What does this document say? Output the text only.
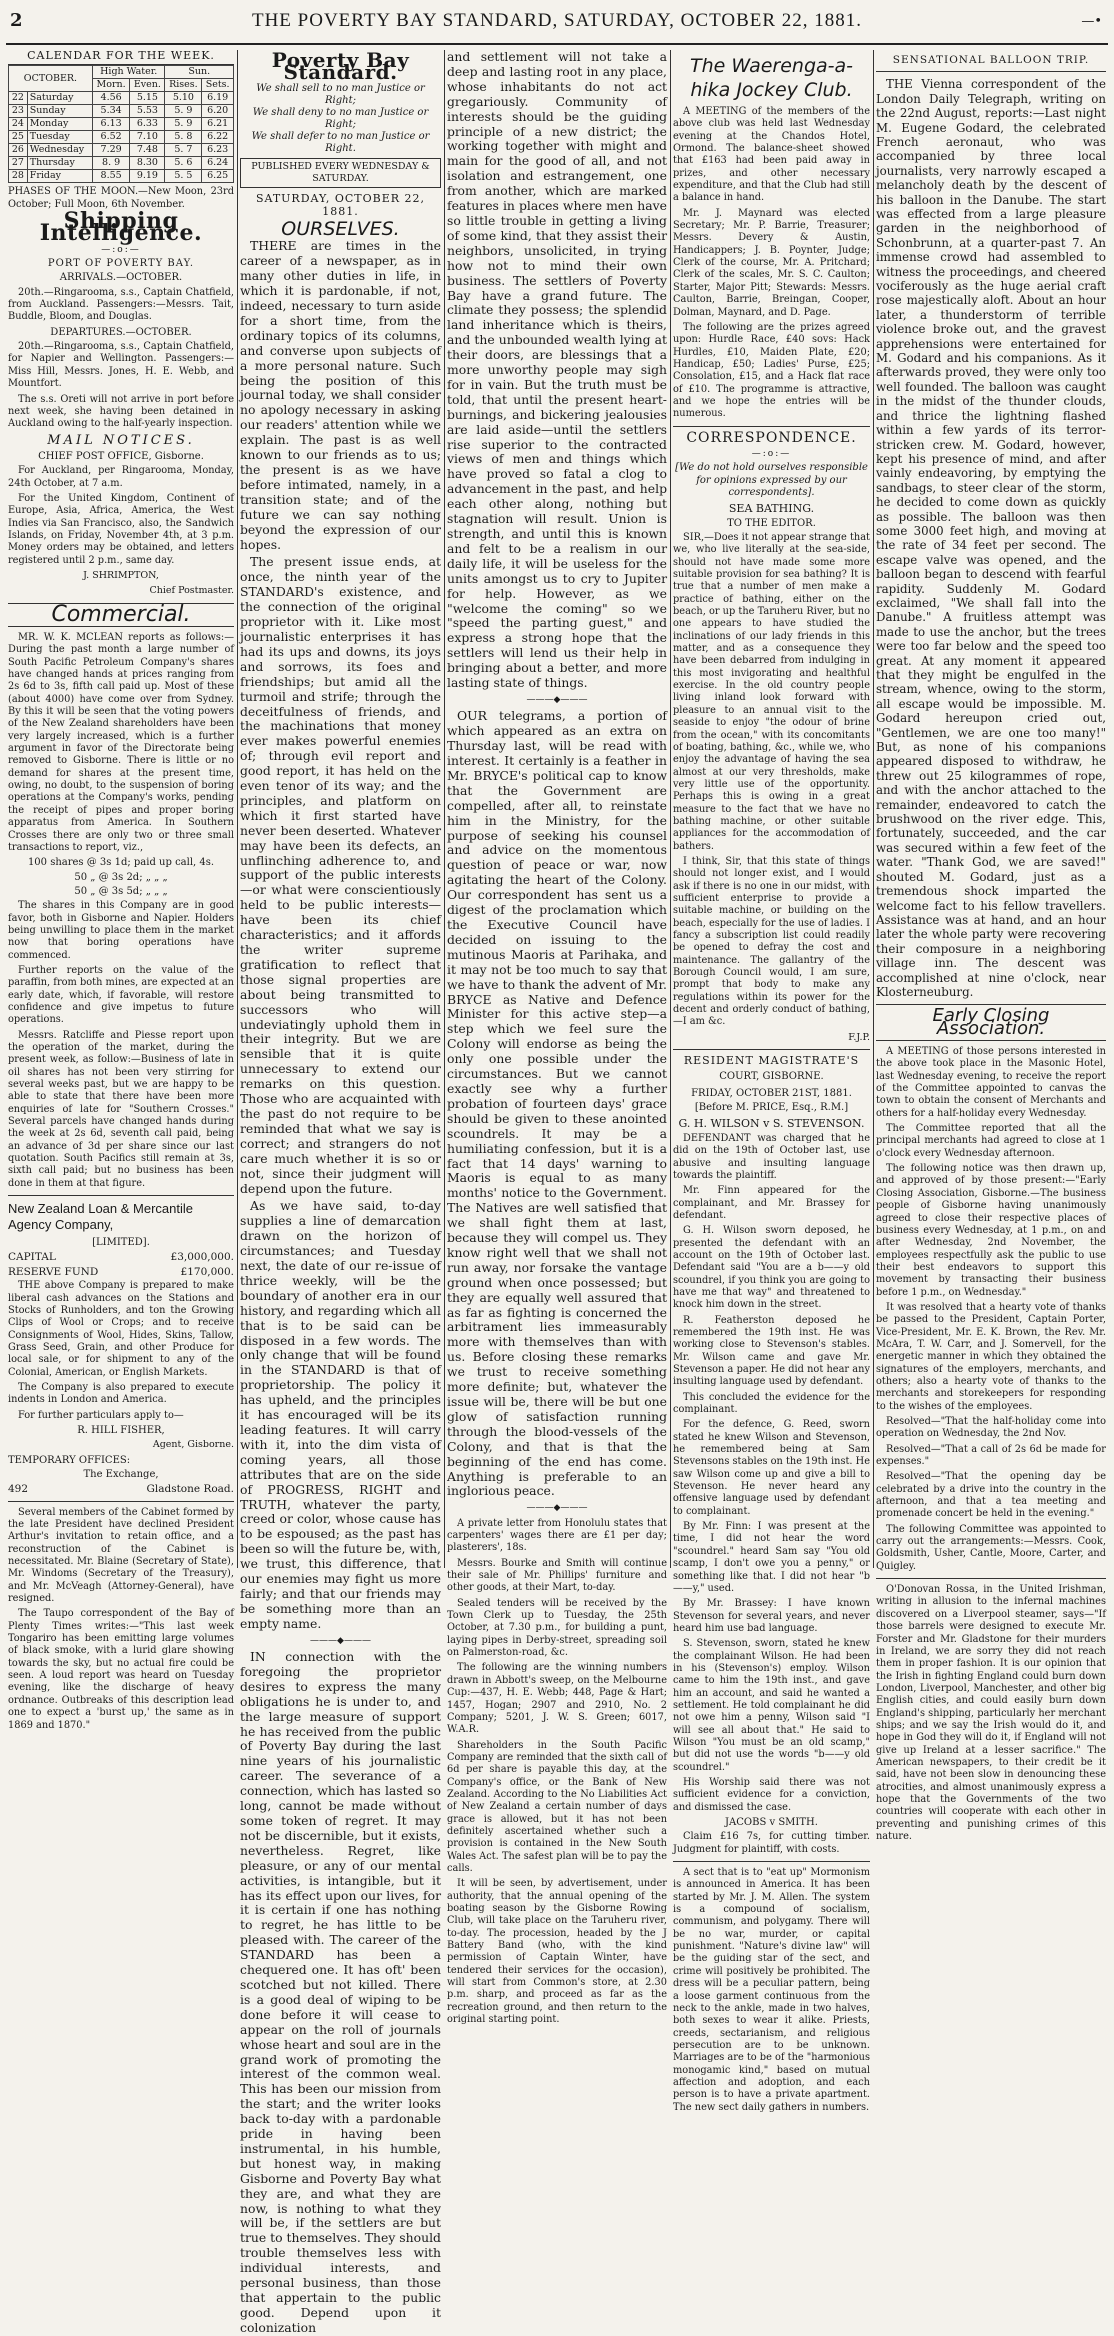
2	THE POVERTY BAY STANDARD, SATURDAY, OCTOBER 22, 1881.	—•
CALENDAR FOR THE WEEK.
OCTOBER.		High Water.		Sun.	
		Morn.	Even.	Rises.	Sets.
22	Saturday	4.56	5.15	5.10	6.19
23	Sunday	5.34	5.53	5. 9	6.20
24	Monday	6.13	6.33	5. 9	6.21
25	Tuesday	6.52	7.10	5. 8	6.22
26	Wednesday	7.29	7.48	5. 7	6.23
27	Thursday	8. 9	8.30	5. 6	6.24
28	Friday	8.55	9.19	5. 5	6.25

PHASES OF THE MOON.—New Moon, 23rd October; Full Moon, 6th November.

Shipping Intelligence.
—:o:—
PORT OF POVERTY BAY.
ARRIVALS.—OCTOBER.

20th.—Ringarooma, s.s., Captain Chatfield, from Auckland. Passengers:—Messrs. Tait, Buddle, Bloom, and Douglas.

DEPARTURES.—OCTOBER.

20th.—Ringarooma, s.s., Captain Chatfield, for Napier and Wellington. Passengers:—Miss Hill, Messrs. Jones, H. E. Webb, and Mountfort.

The s.s. Oreti will not arrive in port before next week, she having been detained in Auckland owing to the half-yearly inspection.

MAIL NOTICES.
CHIEF POST OFFICE, Gisborne.

For Auckland, per Ringarooma, Monday, 24th October, at 7 a.m.

For the United Kingdom, Continent of Europe, Asia, Africa, America, the West Indies via San Francisco, also, the Sandwich Islands, on Friday, November 4th, at 3 p.m. Money orders may be obtained, and letters registered until 2 p.m., same day.

J. SHRIMPTON,
Chief Postmaster.
Commercial.

MR. W. K. MCLEAN reports as follows:—During the past month a large number of South Pacific Petroleum Company's shares have changed hands at prices ranging from 2s 6d to 3s, fifth call paid up. Most of these (about 4000) have come over from Sydney. By this it will be seen that the voting powers of the New Zealand shareholders have been very largely increased, which is a further argument in favor of the Directorate being removed to Gisborne. There is little or no demand for shares at the present time, owing, no doubt, to the suspension of boring operations at the Company's works, pending the receipt of pipes and proper boring apparatus from America. In Southern Crosses there are only two or three small transactions to report, viz.,

100 shares @ 3s 1d; paid up call, 4s.
50 „ @ 3s 2d; „ „ „
50 „ @ 3s 5d; „ „ „

The shares in this Company are in good favor, both in Gisborne and Napier. Holders being unwilling to place them in the market now that boring operations have commenced.

Further reports on the value of the paraffin, from both mines, are expected at an early date, which, if favorable, will restore confidence and give impetus to future operations.

Messrs. Ratcliffe and Piesse report upon the operation of the market, during the present week, as follow:—Business of late in oil shares has not been very stirring for several weeks past, but we are happy to be able to state that there have been more enquiries of late for "Southern Crosses." Several parcels have changed hands during the week at 2s 6d, seventh call paid, being an advance of 3d per share since our last quotation. South Pacifics still remain at 3s, sixth call paid; but no business has been done in them at that figure.

New Zealand Loan & Mercantile Agency Company,
[LIMITED].
CAPITAL	£3,000,000.
RESERVE FUND	£170,000.

THE above Company is prepared to make liberal cash advances on the Stations and Stocks of Runholders, and ton the Growing Clips of Wool or Crops; and to receive Consignments of Wool, Hides, Skins, Tallow, Grass Seed, Grain, and other Produce for local sale, or for shipment to any of the Colonial, American, or English Markets.

The Company is also prepared to execute indents in London and America.

For further particulars apply to—

R. HILL FISHER,
Agent, Gisborne.
TEMPORARY OFFICES:
The Exchange,
492	Gladstone Road.

Several members of the Cabinet formed by the late President have declined President Arthur's invitation to retain office, and a reconstruction of the Cabinet is necessitated. Mr. Blaine (Secretary of State), Mr. Windoms (Secretary of the Treasury), and Mr. McVeagh (Attorney-General), have resigned.

The Taupo correspondent of the Bay of Plenty Times writes:—"This last week Tongariro has been emitting large volumes of black smoke, with a lurid glare showing towards the sky, but no actual fire could be seen. A loud report was heard on Tuesday evening, like the discharge of heavy ordnance. Outbreaks of this description lead one to expect a 'burst up,' the same as in 1869 and 1870."

Poverty Bay Standard.
We shall sell to no man Justice or Right;
We shall deny to no man Justice or Right;
We shall defer to no man Justice or Right.
PUBLISHED EVERY WEDNESDAY & SATURDAY.
SATURDAY, OCTOBER 22, 1881.
OURSELVES.

THERE are times in the career of a newspaper, as in many other duties in life, in which it is pardonable, if not, indeed, necessary to turn aside for a short time, from the ordinary topics of its columns, and converse upon subjects of a more personal nature. Such being the position of this journal today, we shall consider no apology necessary in asking our readers' attention while we explain. The past is as well known to our friends as to us; the present is as we have before intimated, namely, in a transition state; and of the future we can say nothing beyond the expression of our hopes.

The present issue ends, at once, the ninth year of the STANDARD's existence, and the connection of the original proprietor with it. Like most journalistic enterprises it has had its ups and downs, its joys and sorrows, its foes and friendships; but amid all the turmoil and strife; through the deceitfulness of friends, and the machinations that money ever makes powerful enemies of; through evil report and good report, it has held on the even tenor of its way; and the principles, and platform on which it first started have never been deserted. Whatever may have been its defects, an unflinching adherence to, and support of the public interests—or what were conscientiously held to be public interests—have been its chief characteristics; and it affords the writer supreme gratification to reflect that those signal properties are about being transmitted to successors who will undeviatingly uphold them in their integrity. But we are sensible that it is quite unnecessary to extend our remarks on this question. Those who are acquainted with the past do not require to be reminded that what we say is correct; and strangers do not care much whether it is so or not, since their judgment will depend upon the future.

As we have said, to-day supplies a line of demarcation drawn on the horizon of circumstances; and Tuesday next, the date of our re-issue of thrice weekly, will be the boundary of another era in our history, and regarding which all that is to be said can be disposed in a few words. The only change that will be found in the STANDARD is that of proprietorship. The policy it has upheld, and the principles it has encouraged will be its leading features. It will carry with it, into the dim vista of coming years, all those attributes that are on the side of PROGRESS, RIGHT and TRUTH, whatever the party, creed or color, whose cause has to be espoused; as the past has been so will the future be, with, we trust, this difference, that our enemies may fight us more fairly; and that our friends may be something more than an empty name.

———◆———

IN connection with the foregoing the proprietor desires to express the many obligations he is under to, and the large measure of support he has received from the public of Poverty Bay during the last nine years of his journalistic career. The severance of a connection, which has lasted so long, cannot be made without some token of regret. It may not be discernible, but it exists, nevertheless. Regret, like pleasure, or any of our mental activities, is intangible, but it has its effect upon our lives, for it is certain if one has nothing to regret, he has little to be pleased with. The career of the STANDARD has been a chequered one. It has oft' been scotched but not killed. There is a good deal of wiping to be done before it will cease to appear on the roll of journals whose heart and soul are in the grand work of promoting the interest of the common weal. This has been our mission from the start; and the writer looks back to-day with a pardonable pride in having been instrumental, in his humble, but honest way, in making Gisborne and Poverty Bay what they are, and what they are now, is nothing to what they will be, if the settlers are but true to themselves. They should trouble themselves less with individual interests, and personal business, than those that appertain to the public good. Depend upon it colonization

and settlement will not take a deep and lasting root in any place, whose inhabitants do not act gregariously. Community of interests should be the guiding principle of a new district; the working together with might and main for the good of all, and not isolation and estrangement, one from another, which are marked features in places where men have so little trouble in getting a living of some kind, that they assist their neighbors, unsolicited, in trying how not to mind their own business. The settlers of Poverty Bay have a grand future. The climate they possess; the splendid land inheritance which is theirs, and the unbounded wealth lying at their doors, are blessings that a more unworthy people may sigh for in vain. But the truth must be told, that until the present heart-burnings, and bickering jealousies are laid aside—until the settlers rise superior to the contracted views of men and things which have proved so fatal a clog to advancement in the past, and help each other along, nothing but stagnation will result. Union is strength, and until this is known and felt to be a realism in our daily life, it will be useless for the units amongst us to cry to Jupiter for help. However, as we "welcome the coming" so we "speed the parting guest," and express a strong hope that the settlers will lend us their help in bringing about a better, and more lasting state of things.

———◆———

OUR telegrams, a portion of which appeared as an extra on Thursday last, will be read with interest. It certainly is a feather in Mr. BRYCE's political cap to know that the Government are compelled, after all, to reinstate him in the Ministry, for the purpose of seeking his counsel and advice on the momentous question of peace or war, now agitating the heart of the Colony. Our correspondent has sent us a digest of the proclamation which the Executive Council have decided on issuing to the mutinous Maoris at Parihaka, and it may not be too much to say that we have to thank the advent of Mr. BRYCE as Native and Defence Minister for this active step—a step which we feel sure the Colony will endorse as being the only one possible under the circumstances. But we cannot exactly see why a further probation of fourteen days' grace should be given to these anointed scoundrels. It may be a humiliating confession, but it is a fact that 14 days' warning to Maoris is equal to as many months' notice to the Government. The Natives are well satisfied that we shall fight them at last, because they will compel us. They know right well that we shall not run away, nor forsake the vantage ground when once possessed; but they are equally well assured that as far as fighting is concerned the arbitrament lies immeasurably more with themselves than with us. Before closing these remarks we trust to receive something more definite; but, whatever the issue will be, there will be but one glow of satisfaction running through the blood-vessels of the Colony, and that is that the beginning of the end has come. Anything is preferable to an inglorious peace.

———◆———

A private letter from Honolulu states that carpenters' wages there are £1 per day; plasterers', 18s.

Messrs. Bourke and Smith will continue their sale of Mr. Phillips' furniture and other goods, at their Mart, to-day.

Sealed tenders will be received by the Town Clerk up to Tuesday, the 25th October, at 7.30 p.m., for building a punt, laying pipes in Derby-street, spreading soil on Palmerston-road, &c.

The following are the winning numbers drawn in Abbott's sweep, on the Melbourne Cup:—437, H. E. Webb; 448, Page & Hart; 1457, Hogan; 2907 and 2910, No. 2 Company; 5201, J. W. S. Green; 6017, W.A.R.

Shareholders in the South Pacific Company are reminded that the sixth call of 6d per share is payable this day, at the Company's office, or the Bank of New Zealand. According to the No Liabilities Act of New Zealand a certain number of days grace is allowed, but it has not been definitely ascertained whether such a provision is contained in the New South Wales Act. The safest plan will be to pay the calls.

It will be seen, by advertisement, under authority, that the annual opening of the boating season by the Gisborne Rowing Club, will take place on the Taruheru river, to-day. The procession, headed by the J Battery Band (who, with the kind permission of Captain Winter, have tendered their services for the occasion), will start from Common's store, at 2.30 p.m. sharp, and proceed as far as the recreation ground, and then return to the original starting point.

The Waerenga-a-hika Jockey Club.

A MEETING of the members of the above club was held last Wednesday evening at the Chandos Hotel, Ormond. The balance-sheet showed that £163 had been paid away in prizes, and other necessary expenditure, and that the Club had still a balance in hand.

Mr. J. Maynard was elected Secretary; Mr. P. Barrie, Treasurer; Messrs. Devery & Austin, Handicappers; J. B. Poynter, Judge; Clerk of the course, Mr. A. Pritchard; Clerk of the scales, Mr. S. C. Caulton; Starter, Major Pitt; Stewards: Messrs. Caulton, Barrie, Breingan, Cooper, Dolman, Maynard, and D. Page.

The following are the prizes agreed upon: Hurdle Race, £40 sovs: Hack Hurdles, £10, Maiden Plate, £20; Handicap, £50; Ladies' Purse, £25; Consolation, £15, and a Hack flat race of £10. The programme is attractive, and we hope the entries will be numerous.

CORRESPONDENCE.
—:o:—
[We do not hold ourselves responsible for opinions expressed by our correspondents].
SEA BATHING.
TO THE EDITOR.

SIR,—Does it not appear strange that we, who live literally at the sea-side, should not have made some more suitable provision for sea bathing? It is true that a number of men make a practice of bathing, either on the beach, or up the Taruheru River, but no one appears to have studied the inclinations of our lady friends in this matter, and as a consequence they have been debarred from indulging in this most invigorating and healthful exercise. In the old country people living inland look forward with pleasure to an annual visit to the seaside to enjoy "the odour of brine from the ocean," with its concomitants of boating, bathing, &c., while we, who enjoy the advantage of having the sea almost at our very thresholds, make very little use of the opportunity. Perhaps this is owing in a great measure to the fact that we have no bathing machine, or other suitable appliances for the accommodation of bathers.

I think, Sir, that this state of things should not longer exist, and I would ask if there is no one in our midst, with sufficient enterprise to provide a suitable machine, or building on the beach, especially for the use of ladies. I fancy a subscription list could readily be opened to defray the cost and maintenance. The gallantry of the Borough Council would, I am sure, prompt that body to make any regulations within its power for the decent and orderly conduct of bathing,—I am &c.

F.J.P.
RESIDENT MAGISTRATE'S
COURT, GISBORNE.
FRIDAY, OCTOBER 21ST, 1881.
[Before M. PRICE, Esq., R.M.]
G. H. WILSON v S. STEVENSON.

DEFENDANT was charged that he did on the 19th of October last, use abusive and insulting language towards the plaintiff.

Mr. Finn appeared for the complainant, and Mr. Brassey for defendant.

G. H. Wilson sworn deposed, he presented the defendant with an account on the 19th of October last. Defendant said "You are a b——y old scoundrel, if you think you are going to have me that way" and threatened to knock him down in the street.

R. Featherston deposed he remembered the 19th inst. He was working close to Stevenson's stables. Mr. Wilson came and gave Mr. Stevenson a paper. He did not hear any insulting language used by defendant.

This concluded the evidence for the complainant.

For the defence, G. Reed, sworn stated he knew Wilson and Stevenson, he remembered being at Sam Stevensons stables on the 19th inst. He saw Wilson come up and give a bill to Stevenson. He never heard any offensive language used by defendant to complainant.

By Mr. Finn: I was present at the time, I did not hear the word "scoundrel." heard Sam say "You old scamp, I don't owe you a penny," or something like that. I did not hear "b——y," used.

By Mr. Brassey: I have known Stevenson for several years, and never heard him use bad language.

S. Stevenson, sworn, stated he knew the complainant Wilson. He had been in his (Stevenson's) employ. Wilson came to him the 19th inst., and gave him an account, and said he wanted a settlement. He told complainant he did not owe him a penny, Wilson said "I will see all about that." He said to Wilson "You must be an old scamp," but did not use the words "b——y old scoundrel."

His Worship said there was not sufficient evidence for a conviction, and dismissed the case.

JACOBS v SMITH.

Claim £16 7s, for cutting timber. Judgment for plaintiff, with costs.

A sect that is to "eat up" Mormonism is announced in America. It has been started by Mr. J. M. Allen. The system is a compound of socialism, communism, and polygamy. There will be no war, murder, or capital punishment. "Nature's divine law" will be the guiding star of the sect, and crime will positively be prohibited. The dress will be a peculiar pattern, being a loose garment continuous from the neck to the ankle, made in two halves, both sexes to wear it alike. Priests, creeds, sectarianism, and religious persecution are to be unknown. Marriages are to be of the "harmonious monogamic kind," based on mutual affection and adoption, and each person is to have a private apartment. The new sect daily gathers in numbers.

SENSATIONAL BALLOON TRIP.

THE Vienna correspondent of the London Daily Telegraph, writing on the 22nd August, reports:—Last night M. Eugene Godard, the celebrated French aeronaut, who was accompanied by three local journalists, very narrowly escaped a melancholy death by the descent of his balloon in the Danube. The start was effected from a large pleasure garden in the neighborhood of Schonbrunn, at a quarter-past 7. An immense crowd had assembled to witness the proceedings, and cheered vociferously as the huge aerial craft rose majestically aloft. About an hour later, a thunderstorm of terrible violence broke out, and the gravest apprehensions were entertained for M. Godard and his companions. As it afterwards proved, they were only too well founded. The balloon was caught in the midst of the thunder clouds, and thrice the lightning flashed within a few yards of its terror-stricken crew. M. Godard, however, kept his presence of mind, and after vainly endeavoring, by emptying the sandbags, to steer clear of the storm, he decided to come down as quickly as possible. The balloon was then some 3000 feet high, and moving at the rate of 34 feet per second. The escape valve was opened, and the balloon began to descend with fearful rapidity. Suddenly M. Godard exclaimed, "We shall fall into the Danube." A fruitless attempt was made to use the anchor, but the trees were too far below and the speed too great. At any moment it appeared that they might be engulfed in the stream, whence, owing to the storm, all escape would be impossible. M. Godard hereupon cried out, "Gentlemen, we are one too many!" But, as none of his companions appeared disposed to withdraw, he threw out 25 kilogrammes of rope, and with the anchor attached to the remainder, endeavored to catch the brushwood on the river edge. This, fortunately, succeeded, and the car was secured within a few feet of the water. "Thank God, we are saved!" shouted M. Godard, just as a tremendous shock imparted the welcome fact to his fellow travellers. Assistance was at hand, and an hour later the whole party were recovering their composure in a neighboring village inn. The descent was accomplished at nine o'clock, near Klosterneuburg.

Early Closing Association.

A MEETING of those persons interested in the above took place in the Masonic Hotel, last Wednesday evening, to receive the report of the Committee appointed to canvas the town to obtain the consent of Merchants and others for a half-holiday every Wednesday.

The Committee reported that all the principal merchants had agreed to close at 1 o'clock every Wednesday afternoon.

The following notice was then drawn up, and approved of by those present:—"Early Closing Association, Gisborne.—The business people of Gisborne having unanimously agreed to close their respective places of business every Wednesday, at 1 p.m., on and after Wednesday, 2nd November, the employees respectfully ask the public to use their best endeavors to support this movement by transacting their business before 1 p.m., on Wednesday."

It was resolved that a hearty vote of thanks be passed to the President, Captain Porter, Vice-President, Mr. E. K. Brown, the Rev. Mr. McAra, T. W. Carr, and J. Somervell, for the energetic manner in which they obtained the signatures of the employers, merchants, and others; also a hearty vote of thanks to the merchants and storekeepers for responding to the wishes of the employees.

Resolved—"That the half-holiday come into operation on Wednesday, the 2nd Nov.

Resolved—"That a call of 2s 6d be made for expenses."

Resolved—"That the opening day be celebrated by a drive into the country in the afternoon, and that a tea meeting and promenade concert be held in the evening."

The following Committee was appointed to carry out the arrangements:—Messrs. Cook, Goldsmith, Usher, Cantle, Moore, Carter, and Quigley.

O'Donovan Rossa, in the United Irishman, writing in allusion to the infernal machines discovered on a Liverpool steamer, says—"If those barrels were designed to execute Mr. Forster and Mr. Gladstone for their murders in Ireland, we are sorry they did not reach them in proper fashion. It is our opinion that the Irish in fighting England could burn down London, Liverpool, Manchester, and other big English cities, and could easily burn down England's shipping, particularly her merchant ships; and we say the Irish would do it, and hope in God they will do it, if England will not give up Ireland at a lesser sacrifice." The American newspapers, to their credit be it said, have not been slow in denouncing these atrocities, and almost unanimously express a hope that the Governments of the two countries will cooperate with each other in preventing and punishing crimes of this nature.
